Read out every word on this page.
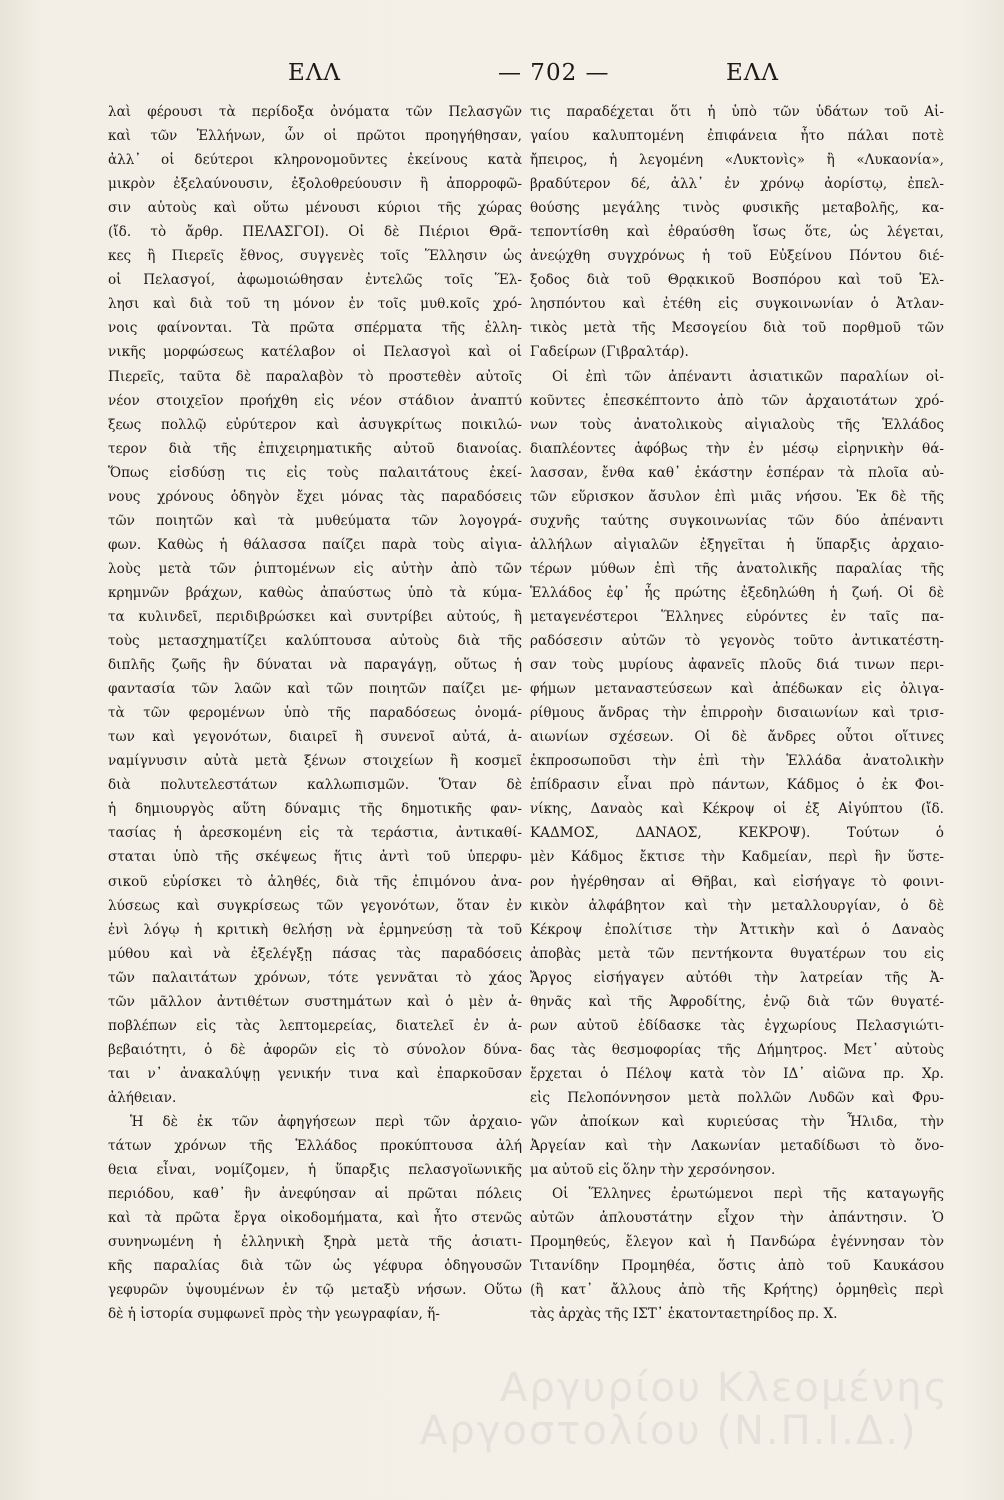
ΕΛΛ	— 702 —	ΕΛΛ
λαὶ φέρουσι τὰ περίδοξα ὀνόματα τῶν Πελασγῶν
καὶ τῶν Ἑλλήνων, ὧν οἱ πρῶτοι προηγήθησαν,
ἀλλ᾽ οἱ δεύτεροι κληρονομοῦντες ἐκείνους κατὰ
μικρὸν ἐξελαύνουσιν, ἐξολοθρεύουσιν ἢ ἀπορροφῶ-
σιν αὐτοὺς καὶ οὕτω μένουσι κύριοι τῆς χώρας
(ἴδ. τὸ ἄρθρ. ΠΕΛΑΣΓΟΙ). Οἱ δὲ Πιέριοι Θρᾶ-
κες ἢ Πιερεῖς ἔθνος, συγγενὲς τοῖς Ἕλλησιν ὡς
οἱ Πελασγοί, ἀφωμοιώθησαν ἐντελῶς τοῖς Ἕλ-
λησι καὶ διὰ τοῦ τη μόνον ἐν τοῖς μυθ.κοῖς χρό-
νοις φαίνονται. Τὰ πρῶτα σπέρματα τῆς ἑλλη-
νικῆς μορφώσεως κατέλαβον οἱ Πελασγοὶ καὶ οἱ
Πιερεῖς, ταῦτα δὲ παραλαβὸν τὸ προστεθὲν αὐτοῖς
νέον στοιχεῖον προήχθη εἰς νέον στάδιον ἀναπτύ
ξεως πολλῷ εὐρύτερον καὶ ἀσυγκρίτως ποικιλώ-
τερον διὰ τῆς ἐπιχειρηματικῆς αὐτοῦ διανοίας.
Ὅπως εἰσδύσῃ τις εἰς τοὺς παλαιτάτους ἐκεί-
νους χρόνους ὁδηγὸν ἔχει μόνας τὰς παραδόσεις
τῶν ποιητῶν καὶ τὰ μυθεύματα τῶν λογογρά-
φων. Καθὼς ἡ θάλασσα παίζει παρὰ τοὺς αἰγια-
λοὺς μετὰ τῶν ῥιπτομένων εἰς αὐτὴν ἀπὸ τῶν
κρημνῶν βράχων, καθὼς ἀπαύστως ὑπὸ τὰ κύμα-
τα κυλινδεῖ, περιδιβρώσκει καὶ συντρίβει αὐτούς, ἢ
τοὺς μετασχηματίζει καλύπτουσα αὐτοὺς διὰ τῆς
διπλῆς ζωῆς ἣν δύναται νὰ παραγάγῃ, οὕτως ἡ
φαντασία τῶν λαῶν καὶ τῶν ποιητῶν παίζει με-
τὰ τῶν φερομένων ὑπὸ τῆς παραδόσεως ὀνομά-
των καὶ γεγονότων, διαιρεῖ ἢ συνενοῖ αὐτά, ἀ-
ναμίγνυσιν αὐτὰ μετὰ ξένων στοιχείων ἢ κοσμεῖ
διὰ πολυτελεστάτων καλλωπισμῶν. Ὅταν δὲ
ἡ δημιουργὸς αὕτη δύναμις τῆς δημοτικῆς φαν-
τασίας ἡ ἀρεσκομένη εἰς τὰ τεράστια, ἀντικαθί-
σταται ὑπὸ τῆς σκέψεως ἥτις ἀντὶ τοῦ ὑπερφυ-
σικοῦ εὑρίσκει τὸ ἀληθές, διὰ τῆς ἐπιμόνου ἀνα-
λύσεως καὶ συγκρίσεως τῶν γεγονότων, ὅταν ἐν
ἑνὶ λόγῳ ἡ κριτικὴ θελήσῃ νὰ ἑρμηνεύσῃ τὰ τοῦ
μύθου καὶ νὰ ἐξελέγξῃ πάσας τὰς παραδόσεις
τῶν παλαιτάτων χρόνων, τότε γεννᾶται τὸ χάος
τῶν μᾶλλον ἀντιθέτων συστημάτων καὶ ὁ μὲν ἀ-
ποβλέπων εἰς τὰς λεπτομερείας, διατελεῖ ἐν ἀ-
βεβαιότητι, ὁ δὲ ἀφορῶν εἰς τὸ σύνολον δύνα-
ται ν᾽ ἀνακαλύψῃ γενικήν τινα καὶ ἐπαρκοῦσαν
ἀλήθειαν.
Ἡ δὲ ἐκ τῶν ἀφηγήσεων περὶ τῶν ἀρχαιο-
τάτων χρόνων τῆς Ἑλλάδος προκύπτουσα ἀλή
θεια εἶναι, νομίζομεν, ἡ ὕπαρξις πελασγοϊωνικῆς
περιόδου, καθ᾽ ἣν ἀνεφύησαν αἱ πρῶται πόλεις
καὶ τὰ πρῶτα ἔργα οἰκοδομήματα, καὶ ἦτο στενῶς
συνηνωμένη ἡ ἑλληνικὴ ξηρὰ μετὰ τῆς ἀσιατι-
κῆς παραλίας διὰ τῶν ὡς γέφυρα ὁδηγουσῶν
γεφυρῶν ὑψουμένων ἐν τῷ μεταξὺ νήσων. Οὕτω
δὲ ἡ ἱστορία συμφωνεῖ πρὸς τὴν γεωγραφίαν, ἥ-
τις παραδέχεται ὅτι ἡ ὑπὸ τῶν ὑδάτων τοῦ Αἰ-
γαίου καλυπτομένη ἐπιφάνεια ἦτο πάλαι ποτὲ
ἤπειρος, ἡ λεγομένη «Λυκτονὶς» ἢ «Λυκαονία»,
βραδύτερον δέ, ἀλλ᾽ ἐν χρόνῳ ἀορίστῳ, ἐπελ-
θούσης μεγάλης τινὸς φυσικῆς μεταβολῆς, κα-
τεποντίσθη καὶ ἐθραύσθη ἴσως ὅτε, ὡς λέγεται,
ἀνεῴχθη συγχρόνως ἡ τοῦ Εὐξείνου Πόντου διέ-
ξοδος διὰ τοῦ Θρᾳκικοῦ Βοσπόρου καὶ τοῦ Ἑλ-
λησπόντου καὶ ἐτέθη εἰς συγκοινωνίαν ὁ Ἀτλαν-
τικὸς μετὰ τῆς Μεσογείου διὰ τοῦ πορθμοῦ τῶν
Γαδείρων (Γιβραλτάρ).
Οἱ ἐπὶ τῶν ἀπέναντι ἀσιατικῶν παραλίων οἰ-
κοῦντες ἐπεσκέπτοντο ἀπὸ τῶν ἀρχαιοτάτων χρό-
νων τοὺς ἀνατολικοὺς αἰγιαλοὺς τῆς Ἑλλάδος
διαπλέοντες ἀφόβως τὴν ἐν μέσῳ εἰρηνικὴν θά-
λασσαν, ἔνθα καθ᾽ ἑκάστην ἑσπέραν τὰ πλοῖα αὐ-
τῶν εὕρισκον ἄσυλον ἐπὶ μιᾶς νήσου. Ἐκ δὲ τῆς
συχνῆς ταύτης συγκοινωνίας τῶν δύο ἀπέναντι
ἀλλήλων αἰγιαλῶν ἐξηγεῖται ἡ ὕπαρξις ἀρχαιο-
τέρων μύθων ἐπὶ τῆς ἀνατολικῆς παραλίας τῆς
Ἑλλάδος ἐφ᾽ ἧς πρώτης ἐξεδηλώθη ἡ ζωή. Οἱ δὲ
μεταγενέστεροι Ἕλληνες εὑρόντες ἐν ταῖς πα-
ραδόσεσιν αὐτῶν τὸ γεγονὸς τοῦτο ἀντικατέστη-
σαν τοὺς μυρίους ἀφανεῖς πλοῦς διά τινων περι-
φήμων μεταναστεύσεων καὶ ἀπέδωκαν εἰς ὀλιγα-
ρίθμους ἄνδρας τὴν ἐπιρροὴν δισαιωνίων καὶ τρισ-
αιωνίων σχέσεων. Οἱ δὲ ἄνδρες οὗτοι οἵτινες
ἐκπροσωποῦσι τὴν ἐπὶ τὴν Ἑλλάδα ἀνατολικὴν
ἐπίδρασιν εἶναι πρὸ πάντων, Κάδμος ὁ ἐκ Φοι-
νίκης, Δαναὸς καὶ Κέκροψ οἱ ἐξ Αἰγύπτου (ἴδ.
ΚΑΔΜΟΣ, ΔΑΝΑΟΣ, ΚΕΚΡΟΨ). Τούτων ὁ
μὲν Κάδμος ἔκτισε τὴν Καδμείαν, περὶ ἣν ὕστε-
ρον ἠγέρθησαν αἱ Θῆβαι, καὶ εἰσήγαγε τὸ φοινι-
κικὸν ἀλφάβητον καὶ τὴν μεταλλουργίαν, ὁ δὲ
Κέκροψ ἐπολίτισε τὴν Ἀττικὴν καὶ ὁ Δαναὸς
ἀποβὰς μετὰ τῶν πεντήκοντα θυγατέρων του εἰς
Ἄργος εἰσήγαγεν αὐτόθι τὴν λατρείαν τῆς Ἀ-
θηνᾶς καὶ τῆς Ἀφροδίτης, ἐνῷ διὰ τῶν θυγατέ-
ρων αὐτοῦ ἐδίδασκε τὰς ἐγχωρίους Πελασγιώτι-
δας τὰς θεσμοφορίας τῆς Δήμητρος. Μετ᾽ αὐτοὺς
ἔρχεται ὁ Πέλοψ κατὰ τὸν ΙΔ᾽ αἰῶνα πρ. Χρ.
εἰς Πελοπόννησον μετὰ πολλῶν Λυδῶν καὶ Φρυ-
γῶν ἀποίκων καὶ κυριεύσας τὴν Ἦλιδα, τὴν
Ἀργείαν καὶ τὴν Λακωνίαν μεταδίδωσι τὸ ὄνο-
μα αὐτοῦ εἰς ὅλην τὴν χερσόνησον.
Οἱ Ἕλληνες ἐρωτώμενοι περὶ τῆς καταγωγῆς
αὐτῶν ἁπλουστάτην εἶχον τὴν ἀπάντησιν. Ὁ
Προμηθεύς, ἔλεγον καὶ ἡ Πανδώρα ἐγέννησαν τὸν
Τιτανίδην Προμηθέα, ὅστις ἀπὸ τοῦ Καυκάσου
(ἢ κατ᾽ ἄλλους ἀπὸ τῆς Κρήτης) ὁρμηθεὶς περὶ
τὰς ἀρχὰς τῆς ΙΣΤ᾽ ἑκατονταετηρίδος πρ. Χ.
Αργυρίου Κλεομένης
Αργοστολίου (Ν.Π.Ι.Δ.)
